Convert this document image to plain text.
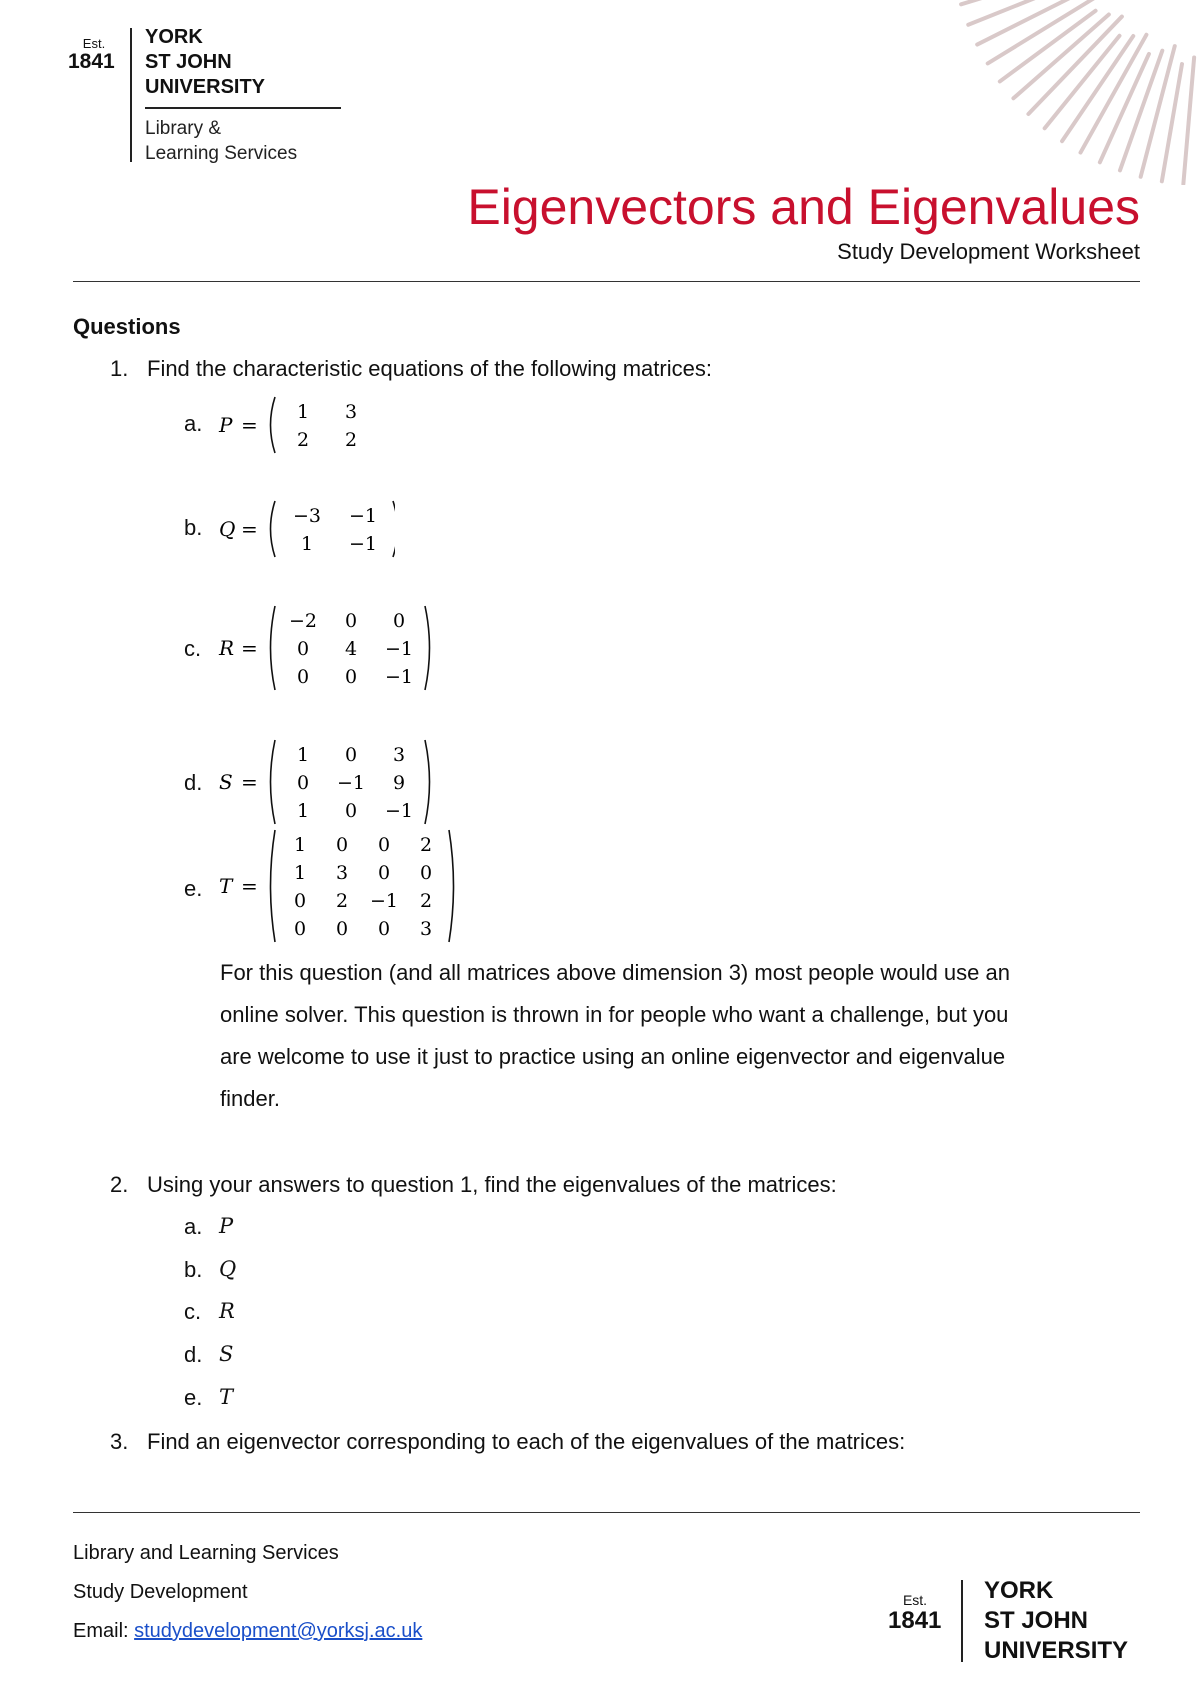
Est.
1841
YORK
ST JOHN
UNIVERSITY
Library &
Learning Services
Eigenvectors and Eigenvalues
Study Development Worksheet
Questions
1. Find the characteristic equations of the following matrices:
a. P =
1 3
2 2
b. Q =
−3 −1
1 −1
c. R =
−2 0 0
0 4 −1
0 0 −1
d. S =
1 0 3
0 −1 9
1 0 −1
e. T =
1 0 0 2
1 3 0 0
0 2 −1 2
0 0 0 3
For this question (and all matrices above dimension 3) most people would use an
online solver. This question is thrown in for people who want a challenge, but you
are welcome to use it just to practice using an online eigenvector and eigenvalue
finder.
2. Using your answers to question 1, find the eigenvalues of the matrices:
a. P
b. Q
c. R
d. S
e. T
3. Find an eigenvector corresponding to each of the eigenvalues of the matrices:
Library and Learning Services
Study Development
Email: studydevelopment@yorksj.ac.uk
Est.
1841
YORK
ST JOHN
UNIVERSITY
